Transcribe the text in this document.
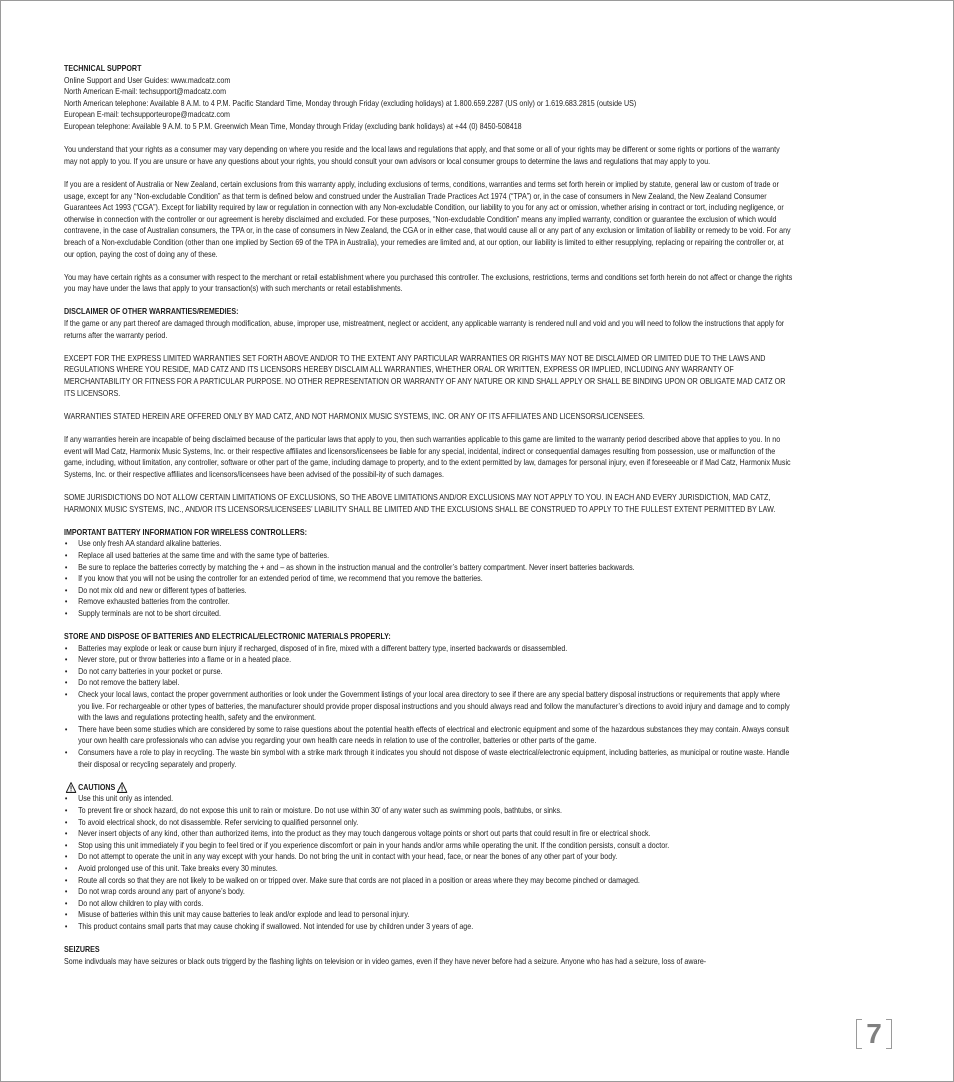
TECHNICAL SUPPORT
Online Support and User Guides: www.madcatz.com
North American E-mail: techsupport@madcatz.com
North American telephone: Available 8 A.M. to 4 P.M. Pacific Standard Time, Monday through Friday (excluding holidays) at 1.800.659.2287 (US only) or 1.619.683.2815 (outside US)
European E-mail: techsupporteurope@madcatz.com
European telephone: Available 9 A.M. to 5 P.M. Greenwich Mean Time, Monday through Friday (excluding bank holidays) at +44 (0) 8450-508418

You understand that your rights as a consumer may vary depending on where you reside and the local laws and regulations that apply, and that some or all of your rights may be different or some rights or portions of the warranty may not apply to you. If you are unsure or have any questions about your rights, you should consult your own advisors or local consumer groups to determine the laws and regulations that may apply to you.

If you are a resident of Australia or New Zealand, certain exclusions from this warranty apply, including exclusions of terms, conditions, warranties and terms set forth herein or implied by statute, general law or custom of trade or usage, except for any “Non-excludable Condition” as that term is defined below and construed under the Australian Trade Practices Act 1974 (“TPA”) or, in the case of consumers in New Zealand, the New Zealand Consumer Guarantees Act 1993 (“CGA”). Except for liability required by law or regulation in connection with any Non-excludable Condition, our liability to you for any act or omission, whether arising in contract or tort, including negligence, or otherwise in connection with the controller or our agreement is hereby disclaimed and excluded. For these purposes, “Non-excludable Condition” means any implied warranty, condition or guarantee the exclusion of which would contravene, in the case of Australian consumers, the TPA or, in the case of consumers in New Zealand, the CGA or in either case, that would cause all or any part of any exclusion or limitation of liability or remedy to be void. For any breach of a Non-excludable Condition (other than one implied by Section 69 of the TPA in Australia), your remedies are limited and, at our option, our liability is limited to either resupplying, replacing or repairing the controller or, at our option, paying the cost of doing any of these.

You may have certain rights as a consumer with respect to the merchant or retail establishment where you purchased this controller. The exclusions, restrictions, terms and conditions set forth herein do not affect or change the rights you may have under the laws that apply to your transaction(s) with such merchants or retail establishments.

DISCLAIMER OF OTHER WARRANTIES/REMEDIES:

If the game or any part thereof are damaged through modification, abuse, improper use, mistreatment, neglect or accident, any applicable warranty is rendered null and void and you will need to follow the instructions that apply for returns after the warranty period.

EXCEPT FOR THE EXPRESS LIMITED WARRANTIES SET FORTH ABOVE AND/OR TO THE EXTENT ANY PARTICULAR WARRANTIES OR RIGHTS MAY NOT BE DISCLAIMED OR LIMITED DUE TO THE LAWS AND REGULATIONS WHERE YOU RESIDE, MAD CATZ AND ITS LICENSORS HEREBY DISCLAIM ALL WARRANTIES, WHETHER ORAL OR WRITTEN, EXPRESS OR IMPLIED, INCLUDING ANY WARRANTY OF MERCHANTABILITY OR FITNESS FOR A PARTICULAR PURPOSE. NO OTHER REPRESENTATION OR WARRANTY OF ANY NATURE OR KIND SHALL APPLY OR SHALL BE BINDING UPON OR OBLIGATE MAD CATZ OR ITS LICENSORS.

WARRANTIES STATED HEREIN ARE OFFERED ONLY BY MAD CATZ, AND NOT HARMONIX MUSIC SYSTEMS, INC. OR ANY OF ITS AFFILIATES AND LICENSORS/LICENSEES.

If any warranties herein are incapable of being disclaimed because of the particular laws that apply to you, then such warranties applicable to this game are limited to the warranty period described above that applies to you. In no event will Mad Catz, Harmonix Music Systems, Inc. or their respective affiliates and licensors/licensees be liable for any special, incidental, indirect or consequential damages resulting from possession, use or malfunction of the game, including, without limitation, any controller, software or other part of the game, including damage to property, and to the extent permitted by law, damages for personal injury, even if foreseeable or if Mad Catz, Harmonix Music Systems, Inc. or their respective affiliates and licensors/licensees have been advised of the possibil-ity of such damages.

SOME JURISDICTIONS DO NOT ALLOW CERTAIN LIMITATIONS OF EXCLUSIONS, SO THE ABOVE LIMITATIONS AND/OR EXCLUSIONS MAY NOT APPLY TO YOU. IN EACH AND EVERY JURISDICTION, MAD CATZ, HARMONIX MUSIC SYSTEMS, INC., AND/OR ITS LICENSORS/LICENSEES’ LIABILITY SHALL BE LIMITED AND THE EXCLUSIONS SHALL BE CONSTRUED TO APPLY TO THE FULLEST EXTENT PERMITTED BY LAW.

IMPORTANT BATTERY INFORMATION FOR WIRELESS CONTROLLERS:
• Use only fresh AA standard alkaline batteries.
• Replace all used batteries at the same time and with the same type of batteries.
• Be sure to replace the batteries correctly by matching the + and – as shown in the instruction manual and the controller’s battery compartment. Never insert batteries backwards.
• If you know that you will not be using the controller for an extended period of time, we recommend that you remove the batteries.
• Do not mix old and new or different types of batteries.
• Remove exhausted batteries from the controller.
• Supply terminals are not to be short circuited.
STORE AND DISPOSE OF BATTERIES AND ELECTRICAL/ELECTRONIC MATERIALS PROPERLY:
• Batteries may explode or leak or cause burn injury if recharged, disposed of in fire, mixed with a different battery type, inserted backwards or disassembled.
• Never store, put or throw batteries into a flame or in a heated place.
• Do not carry batteries in your pocket or purse.
• Do not remove the battery label.
• Check your local laws, contact the proper government authorities or look under the Government listings of your local area directory to see if there are any special battery disposal instructions or requirements that apply where you live. For rechargeable or other types of batteries, the manufacturer should provide proper disposal instructions and you should always read and follow the manufacturer’s directions to avoid injury and damage and to comply with the laws and regulations protecting health, safety and the environment.
• There have been some studies which are considered by some to raise questions about the potential health effects of electrical and electronic equipment and some of the hazardous substances they may contain. Always consult your own health care professionals who can advise you regarding your own health care needs in relation to use of the controller, batteries or other parts of the game.
• Consumers have a role to play in recycling. The waste bin symbol with a strike mark through it indicates you should not dispose of waste electrical/electronic equipment, including batteries, as municipal or routine waste. Handle their disposal or recycling separately and properly.
CAUTIONS
• Use this unit only as intended.
• To prevent fire or shock hazard, do not expose this unit to rain or moisture. Do not use within 30’ of any water such as swimming pools, bathtubs, or sinks.
• To avoid electrical shock, do not disassemble. Refer servicing to qualified personnel only.
• Never insert objects of any kind, other than authorized items, into the product as they may touch dangerous voltage points or short out parts that could result in fire or electrical shock.
• Stop using this unit immediately if you begin to feel tired or if you experience discomfort or pain in your hands and/or arms while operating the unit. If the condition persists, consult a doctor.
• Do not attempt to operate the unit in any way except with your hands. Do not bring the unit in contact with your head, face, or near the bones of any other part of your body.
• Avoid prolonged use of this unit. Take breaks every 30 minutes.
• Route all cords so that they are not likely to be walked on or tripped over. Make sure that cords are not placed in a position or areas where they may become pinched or damaged.
• Do not wrap cords around any part of anyone’s body.
• Do not allow children to play with cords.
• Misuse of batteries within this unit may cause batteries to leak and/or explode and lead to personal injury.
• This product contains small parts that may cause choking if swallowed. Not intended for use by children under 3 years of age.
SEIZURES
Some indivduals may have seizures or black outs triggerd by the flashing lights on television or in video games, even if they have never before had a seizure. Anyone who has had a seizure, loss of aware-
7
